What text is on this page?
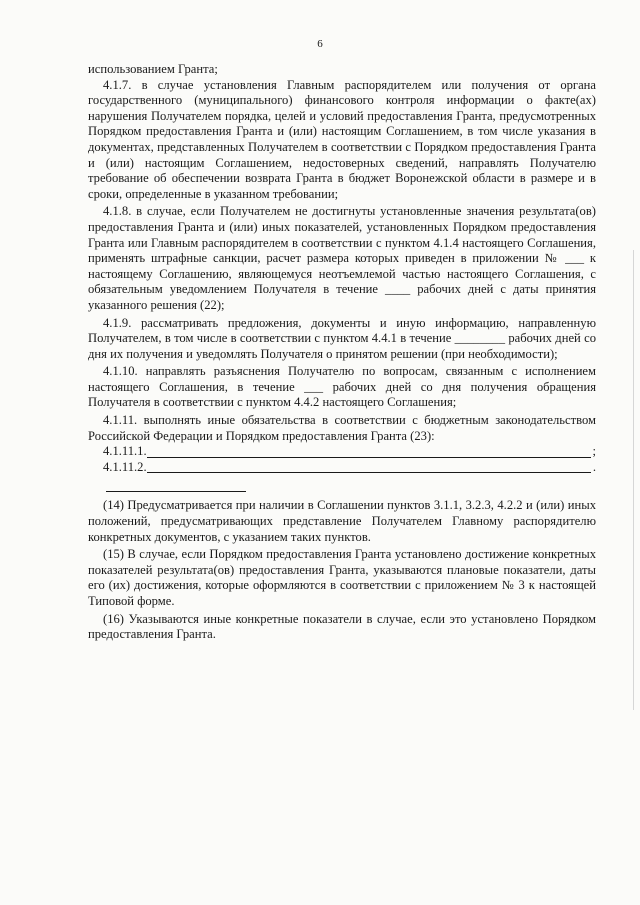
6

использованием Гранта;

4.1.7. в случае установления Главным распорядителем или получения от органа государственного (муниципального) финансового контроля информации о факте(ах) нарушения Получателем порядка, целей и условий предоставления Гранта, предусмотренных Порядком предоставления Гранта и (или) настоящим Соглашением, в том числе указания в документах, представленных Получателем в соответствии с Порядком предоставления Гранта и (или) настоящим Соглашением, недостоверных сведений, направлять Получателю требование об обеспечении возврата Гранта в бюджет Воронежской области в размере и в сроки, определенные в указанном требовании;

4.1.8. в случае, если Получателем не достигнуты установленные значения результата(ов) предоставления Гранта и (или) иных показателей, установленных Порядком предоставления Гранта или Главным распорядителем в соответствии с пунктом 4.1.4 настоящего Соглашения, применять штрафные санкции, расчет размера которых приведен в приложении № ___ к настоящему Соглашению, являющемуся неотъемлемой частью настоящего Соглашения, с обязательным уведомлением Получателя в течение ____ рабочих дней с даты принятия указанного решения (22);

4.1.9. рассматривать предложения, документы и иную информацию, направленную Получателем, в том числе в соответствии с пунктом 4.4.1 в течение ________ рабочих дней со дня их получения и уведомлять Получателя о принятом решении (при необходимости);

4.1.10. направлять разъяснения Получателю по вопросам, связанным с исполнением настоящего Соглашения, в течение ___ рабочих дней со дня получения обращения Получателя в соответствии с пунктом 4.4.2 настоящего Соглашения;

4.1.11. выполнять иные обязательства в соответствии с бюджетным законодательством Российской Федерации и Порядком предоставления Гранта (23):

4.1.11.1.	;
4.1.11.2.	.

(14) Предусматривается при наличии в Соглашении пунктов 3.1.1, 3.2.3, 4.2.2 и (или) иных положений, предусматривающих представление Получателем Главному распорядителю конкретных документов, с указанием таких пунктов.

(15) В случае, если Порядком предоставления Гранта установлено достижение конкретных показателей результата(ов) предоставления Гранта, указываются плановые показатели, даты его (их) достижения, которые оформляются в соответствии с приложением № 3 к настоящей Типовой форме.

(16) Указываются иные конкретные показатели в случае, если это установлено Порядком предоставления Гранта.
